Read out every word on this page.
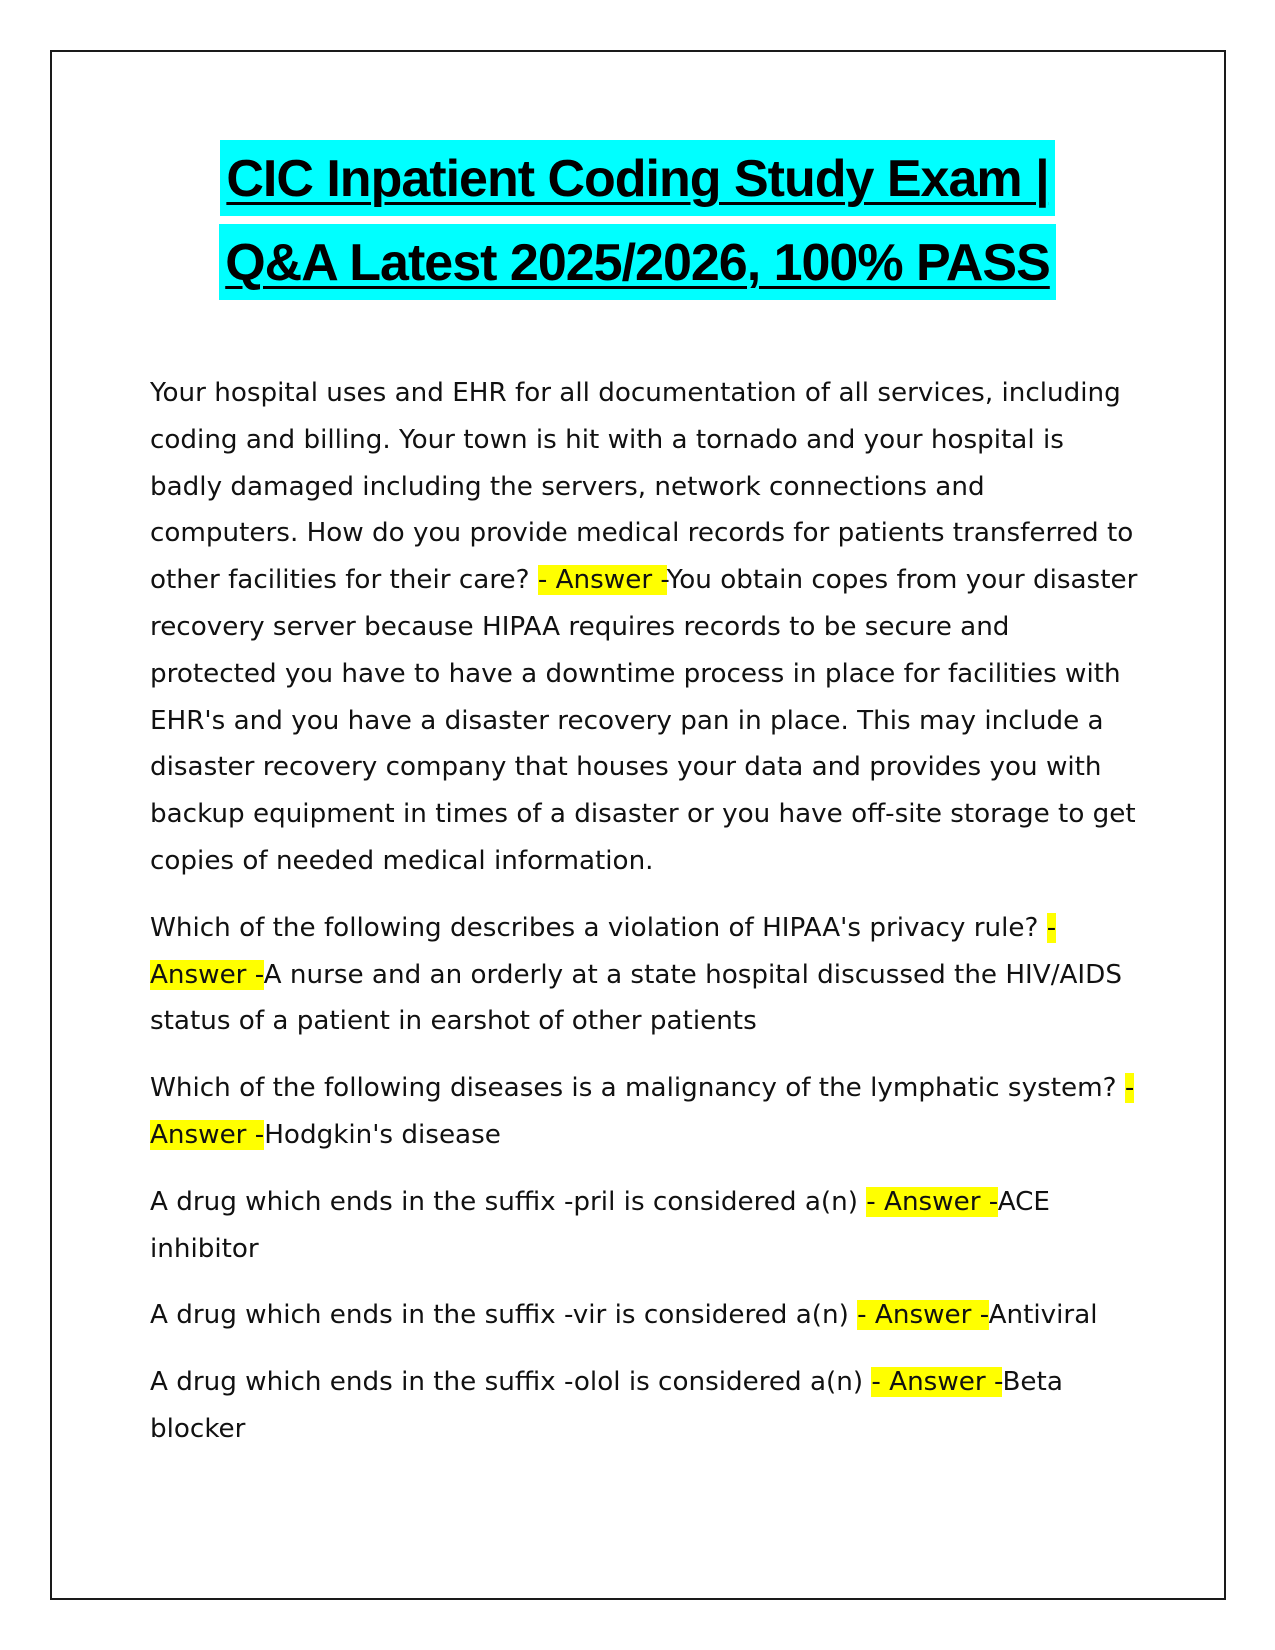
CIC Inpatient Coding Study Exam |
Q&A Latest 2025/2026, 100% PASS

Your hospital uses and EHR for all documentation of all services, including coding and billing. Your town is hit with a tornado and your hospital is badly damaged including the servers, network connections and computers. How do you provide medical records for patients transferred to other facilities for their care? - Answer -You obtain copes from your disaster recovery server because HIPAA requires records to be secure and protected you have to have a downtime process in place for facilities with EHR's and you have a disaster recovery pan in place. This may include a disaster recovery company that houses your data and provides you with backup equipment in times of a disaster or you have off-site storage to get copies of needed medical information.

Which of the following describes a violation of HIPAA's privacy rule? - Answer -A nurse and an orderly at a state hospital discussed the HIV/AIDS status of a patient in earshot of other patients

Which of the following diseases is a malignancy of the lymphatic system? - Answer -Hodgkin's disease

A drug which ends in the suffix -pril is considered a(n) - Answer -ACE inhibitor

A drug which ends in the suffix -vir is considered a(n) - Answer -Antiviral

A drug which ends in the suffix -olol is considered a(n) - Answer -Beta blocker
